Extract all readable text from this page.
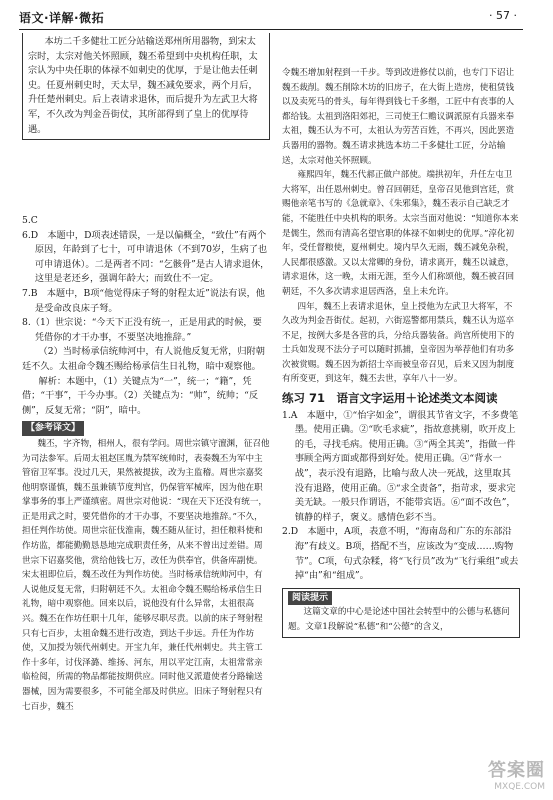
语文·详解·微拓	· 57 ·

本坊二千多健壮工匠分站输送郑州所用器物，到宋太宗时，太宗对他关怀照顾，魏丕希望到中央机构任职，太宗认为中央任职的体禄不如刺史的优厚，于是让他去任刺史。任夏州刺史时，天太早，魏丕减免要求，两个月后，升任楚州刺史。后上表请求退休，而后提升为左武卫大将军，不久改为判金吾街仗，其所部得到了皇上的优厚待遇。

5.C

6.D　本题中，D项表述错误，一是以偏概全，“致仕”有两个原因，年龄到了七十，可申请退休（不到70岁，生病了也可申请退休）。二是两者不同：“乞骸骨”是古人请求退休，这里是老还乡，强调年龄大；而致仕不一定。

7.B　本题中，B项“他觉得床子弩的射程太近”说法有误，他是受命改良床子弩。

8.（1）世宗说：“今天下正没有统一，正是用武的时候，要凭借你的才干办事，不要坚决地推辞。”

（2）当时杨承信统帅河中，有人说他反复无常，归附朝廷不久。太祖命令魏丕赐给杨承信生日礼物，暗中观察他。

解析：本题中，（1）关键点为“一”，统一；“籍”，凭借；“干事”，干今办事。（2）关键点为：“帅”，统帅；“反侧”，反复无常；“阴”，暗中。

【参考译文】

魏丕，字齐物，相州人，很有学问。周世宗镇守澶渊，征召他为司法参军。后周太祖赵匡胤为禁军统帅时，表奏魏丕为军中主管宿卫军事。没过几天，果然被提拔，改为主监稽。周世宗嘉奖他明察谨慎，魏丕虽兼镇节度判官，仍保管军械库，因为他在职掌事务的事上严谨缜密。周世宗对他说：“现在天下还没有统一，正是用武之时，要凭借你的才干办事，不要坚决地推辞。”不久，担任判作坊使。周世宗征伐淮南，魏丕随从征讨，担任粮料使和作坊监，都能勤勤恳恳地完成职责任务，从来不曾出过差错。周世宗下诏嘉奖他，赏给他钱七万，改任为供奉官，供备库副使。宋太祖即位后，魏丕改任为判作坊使。当时杨承信统帅河中，有人说他反复无常，归附朝廷不久。太祖命令魏丕赐给杨承信生日礼物，暗中观察他。回来以后，说他没有什么异常，太祖很高兴。魏丕在作坊任职十几年，能够尽职尽责。以前的床子弩射程只有七百步，太祖命魏丕进行改造，到达千步远。升任为作坊使，又加授为领代州刺史。开宝九年，兼任代州刺史。共主管工作十多年，讨伐泽潞、维扬、河东，用以平定江南，太祖常常亲临检阅，所需的物品都能按期供应。同时他又派遣使者分路输送器械，因为需要很多，不可能全部及时供应。旧床子弩射程只有七百步，魏丕

令魏丕增加射程到一千步。等到改进修仗以前，也专门下诏让魏丕裁削。魏丕削除木坊的旧房子，在大街上造房，使租赁钱以及卖死马的骨头，每年得到钱七千多缗，工匠中有丧事的人都给钱。太祖到洛阳郊祀，三司使王仁赡议调派原有兵器来奉太祖，魏丕认为不可，太祖认为劳苦百姓，不再兴，因此罢造兵器用的器物。魏丕请求挑选本坊二千多健壮工匠，分站输送，太宗对他关怀照顾。

雍熙四年，魏丕代郝正做户部使。端拱初年，升任左屯卫大将军，出任恩州刺史。曾召回朝廷，皇帝召见他到宫廷，赏赐他亲笔书写的《急就章》、《朱邪集》，魏丕表示自己缺乏才能，不能胜任中央机构的职务。太宗当面对他说：“知道你本来是儒生，然而有清高名望官职的体禄不如刺史的优厚。”淳化初年，受任督粮使，夏州刺史。境内早久无雨，魏丕减免杂税，人民都很感激。又以太常卿的身份，请求离开，魏丕以诚意，请求退休，这一晚，太雨无涯，至今人们称颂他，魏丕被召回朝廷，不久多次请求退居西洛，皇上未允许。

四年，魏丕上表请求退休，皇上授他为左武卫大将军，不久改为判金吾街仗。起初，六街巡警都用禁兵，魏丕认为巡卒不足，按例大多是各营的兵，分给兵器装备。尚宫所使用下的士兵如发现不法分子可以随时抓捕，皇帝因为举荐他们有功多次被赏赐。魏丕因为新招士卒而被皇帝召见，后来又因为制度有所变更，到这年，魏丕去世，享年八十一岁。

练习 71　语言文字运用＋论述类文本阅读

1.A　本题中，①“怡字如金”，谓很其节省文字，不多费笔墨。使用正确。②“吹毛求疵”，指故意挑剔，吹开皮上的毛，寻找毛病。使用正确。③“两全其美”，指做一件事顾全两方面或都得到好处。使用正确。④“背水一战”，表示没有退路，比喻与敌人决一死战，这里取其没有退路，使用正确。⑤“求全责备”，指苛求，要求完美无缺。一般只作谓语，不能带宾语。⑥“面不改色”，镇静的样子，褒义。感情色彩不当。

2.D　本题中，A项，表意不明，“海南岛和广东的东部沿海”有歧义。B项，搭配不当，应该改为“变成……购物节”。C项，句式杂糅，将“飞行员”改为“飞行乘组”或去掉“由”和“组成”。

阅读提示

这篇文章的中心是论述中国社会转型中的公德与私德问题。文章1段解说“私德”和“公德”的含义，

答案圈
MXQE.COM
